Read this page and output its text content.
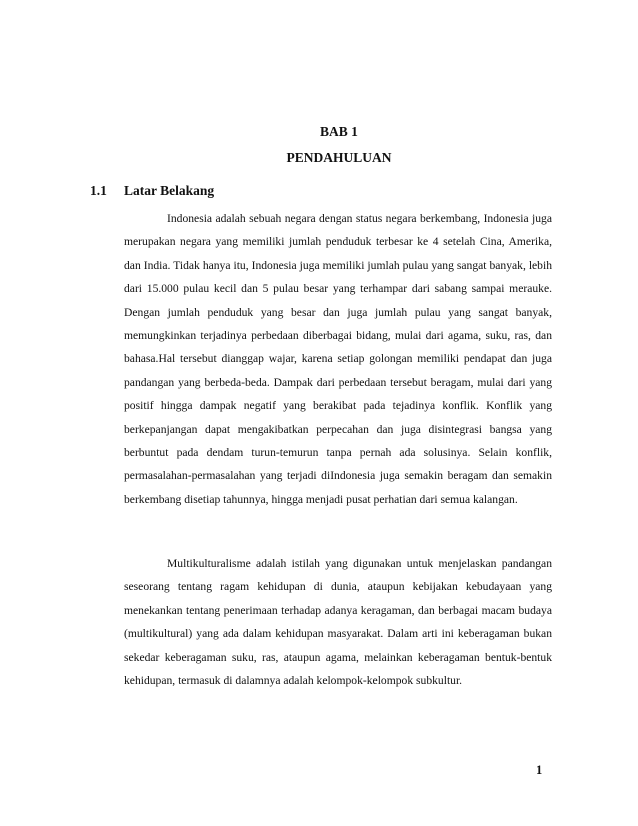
BAB 1
PENDAHULUAN
1.1 Latar Belakang

Indonesia adalah sebuah negara dengan status negara berkembang, Indonesia juga merupakan negara yang memiliki jumlah penduduk terbesar ke 4 setelah Cina, Amerika, dan India. Tidak hanya itu, Indonesia juga memiliki jumlah pulau yang sangat banyak, lebih dari 15.000 pulau kecil dan 5 pulau besar yang terhampar dari sabang sampai merauke. Dengan jumlah penduduk yang besar dan juga jumlah pulau yang sangat banyak, memungkinkan terjadinya perbedaan diberbagai bidang, mulai dari agama, suku, ras, dan bahasa.Hal tersebut dianggap wajar, karena setiap golongan memiliki pendapat dan juga pandangan yang berbeda-beda. Dampak dari perbedaan tersebut beragam, mulai dari yang positif hingga dampak negatif yang berakibat pada tejadinya konflik. Konflik yang berkepanjangan dapat mengakibatkan perpecahan dan juga disintegrasi bangsa yang berbuntut pada dendam turun-temurun tanpa pernah ada solusinya. Selain konflik, permasalahan-permasalahan yang terjadi diIndonesia juga semakin beragam dan semakin berkembang disetiap tahunnya, hingga menjadi pusat perhatian dari semua kalangan.

Multikulturalisme adalah istilah yang digunakan untuk menjelaskan pandangan seseorang tentang ragam kehidupan di dunia, ataupun kebijakan kebudayaan yang menekankan tentang penerimaan terhadap adanya keragaman, dan berbagai macam budaya (multikultural) yang ada dalam kehidupan masyarakat. Dalam arti ini keberagaman bukan sekedar keberagaman suku, ras, ataupun agama, melainkan keberagaman bentuk-bentuk kehidupan, termasuk di dalamnya adalah kelompok-kelompok subkultur.

1
